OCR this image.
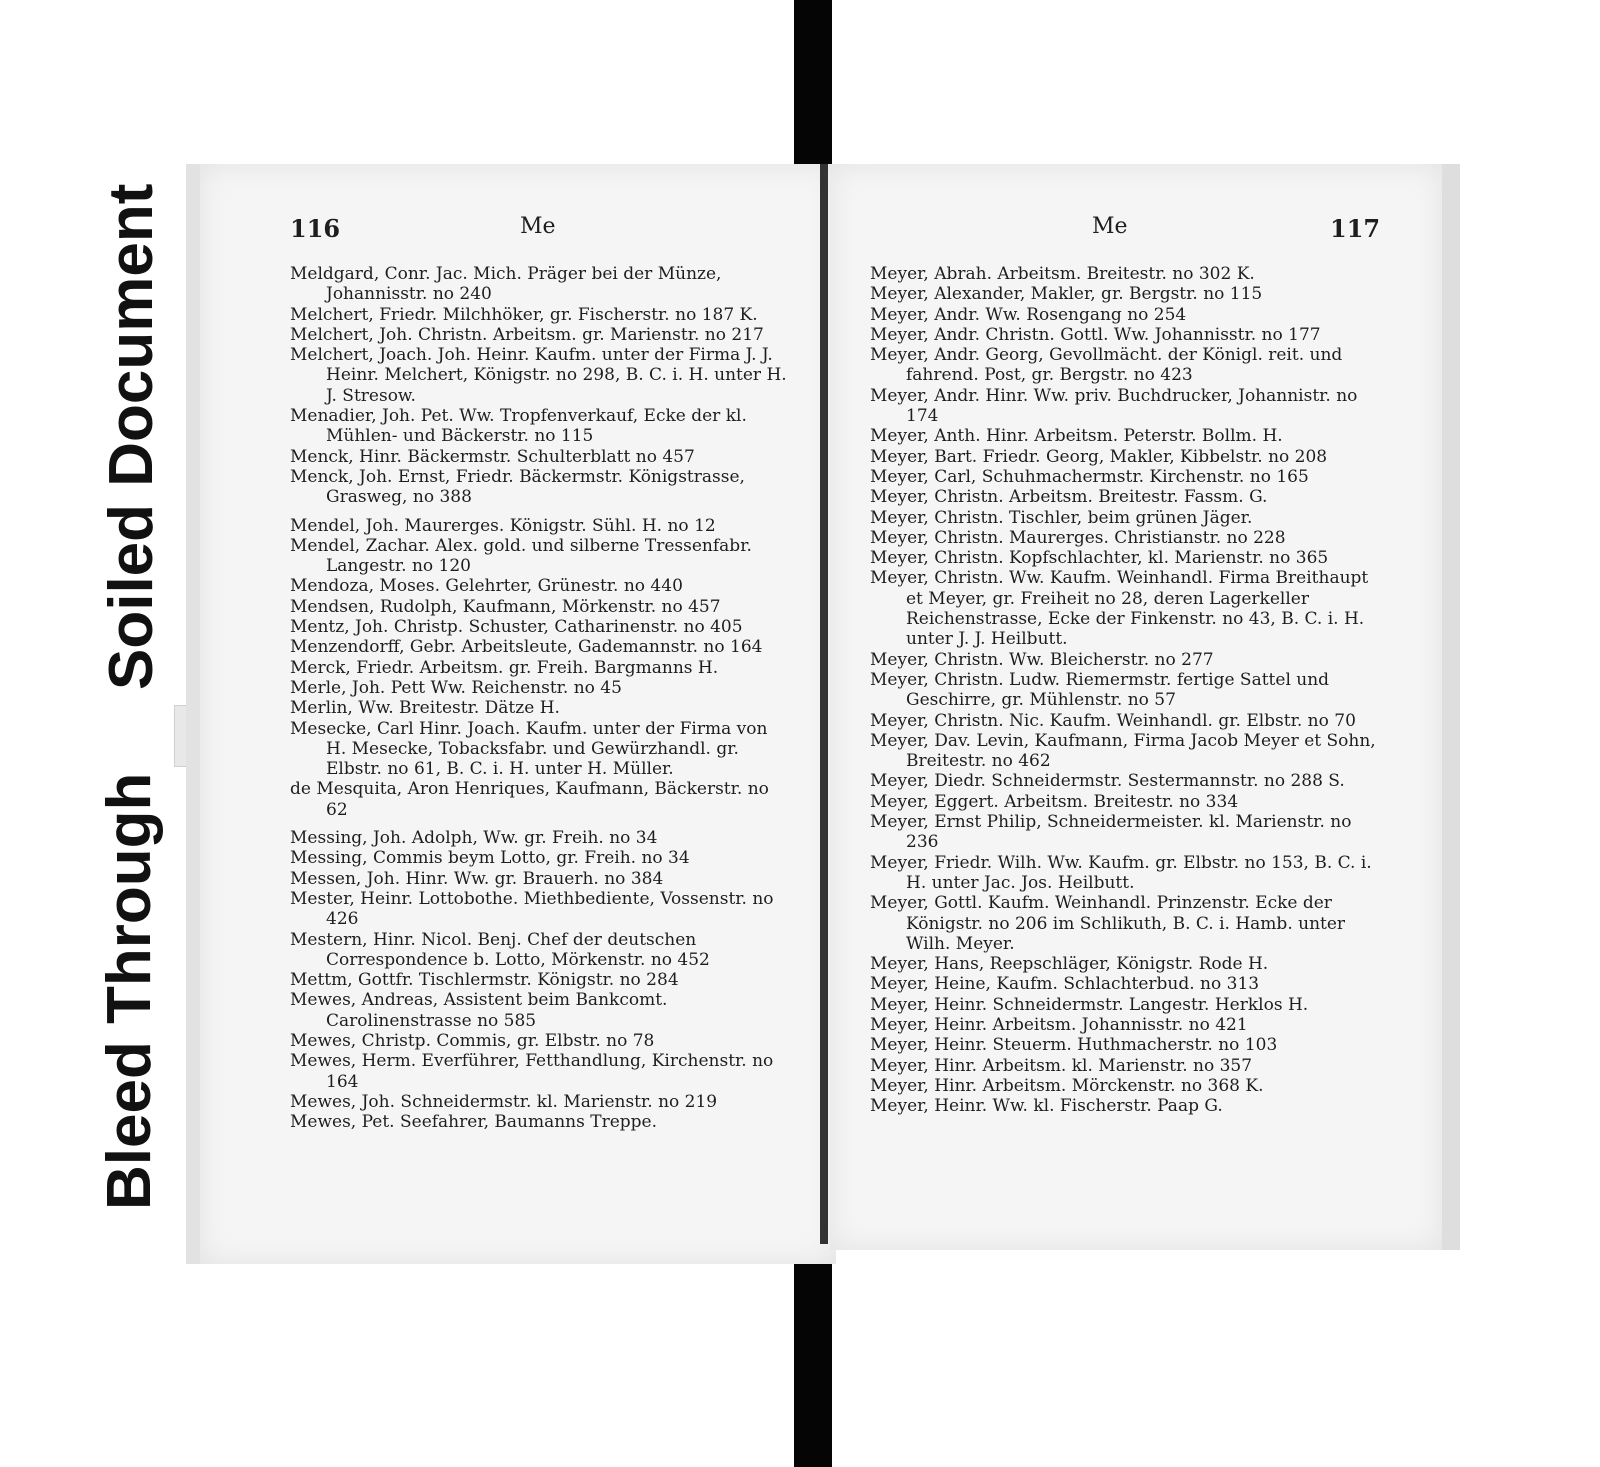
Soiled Document
Bleed Through
116	Me

Meldgard, Conr. Jac. Mich. Präger bei der Münze, Johannisstr. no 240

Melchert, Friedr. Milchhöker, gr. Fischerstr. no 187 K.

Melchert, Joh. Christn. Arbeitsm. gr. Marienstr. no 217

Melchert, Joach. Joh. Heinr. Kaufm. unter der Firma J. J. Heinr. Melchert, Königstr. no 298, B. C. i. H. unter H. J. Stresow.

Menadier, Joh. Pet. Ww. Tropfenverkauf, Ecke der kl. Mühlen- und Bäckerstr. no 115

Menck, Hinr. Bäckermstr. Schulterblatt no 457

Menck, Joh. Ernst, Friedr. Bäckermstr. Königstrasse, Grasweg, no 388

Mendel, Joh. Maurerges. Königstr. Sühl. H. no 12

Mendel, Zachar. Alex. gold. und silberne Tressenfabr. Langestr. no 120

Mendoza, Moses. Gelehrter, Grünestr. no 440

Mendsen, Rudolph, Kaufmann, Mörkenstr. no 457

Mentz, Joh. Christp. Schuster, Catharinenstr. no 405

Menzendorff, Gebr. Arbeitsleute, Gademannstr. no 164

Merck, Friedr. Arbeitsm. gr. Freih. Bargmanns H.

Merle, Joh. Pett Ww. Reichenstr. no 45

Merlin, Ww. Breitestr. Dätze H.

Mesecke, Carl Hinr. Joach. Kaufm. unter der Firma von H. Mesecke, Tobacksfabr. und Gewürzhandl. gr. Elbstr. no 61, B. C. i. H. unter H. Müller.

de Mesquita, Aron Henriques, Kaufmann, Bäckerstr. no 62

Messing, Joh. Adolph, Ww. gr. Freih. no 34

Messing, Commis beym Lotto, gr. Freih. no 34

Messen, Joh. Hinr. Ww. gr. Brauerh. no 384

Mester, Heinr. Lottobothe. Miethbediente, Vossenstr. no 426

Mestern, Hinr. Nicol. Benj. Chef der deutschen Correspondence b. Lotto, Mörkenstr. no 452

Mettm, Gottfr. Tischlermstr. Königstr. no 284

Mewes, Andreas, Assistent beim Bankcomt. Carolinenstrasse no 585

Mewes, Christp. Commis, gr. Elbstr. no 78

Mewes, Herm. Everführer, Fetthandlung, Kirchenstr. no 164

Mewes, Joh. Schneidermstr. kl. Marienstr. no 219

Mewes, Pet. Seefahrer, Baumanns Treppe.

Me	117

Meyer, Abrah. Arbeitsm. Breitestr. no 302 K.

Meyer, Alexander, Makler, gr. Bergstr. no 115

Meyer, Andr. Ww. Rosengang no 254

Meyer, Andr. Christn. Gottl. Ww. Johannisstr. no 177

Meyer, Andr. Georg, Gevollmächt. der Königl. reit. und fahrend. Post, gr. Bergstr. no 423

Meyer, Andr. Hinr. Ww. priv. Buchdrucker, Johannistr. no 174

Meyer, Anth. Hinr. Arbeitsm. Peterstr. Bollm. H.

Meyer, Bart. Friedr. Georg, Makler, Kibbelstr. no 208

Meyer, Carl, Schuhmachermstr. Kirchenstr. no 165

Meyer, Christn. Arbeitsm. Breitestr. Fassm. G.

Meyer, Christn. Tischler, beim grünen Jäger.

Meyer, Christn. Maurerges. Christianstr. no 228

Meyer, Christn. Kopfschlachter, kl. Marienstr. no 365

Meyer, Christn. Ww. Kaufm. Weinhandl. Firma Breithaupt et Meyer, gr. Freiheit no 28, deren Lagerkeller Reichenstrasse, Ecke der Finkenstr. no 43, B. C. i. H. unter J. J. Heilbutt.

Meyer, Christn. Ww. Bleicherstr. no 277

Meyer, Christn. Ludw. Riemermstr. fertige Sattel und Geschirre, gr. Mühlenstr. no 57

Meyer, Christn. Nic. Kaufm. Weinhandl. gr. Elbstr. no 70

Meyer, Dav. Levin, Kaufmann, Firma Jacob Meyer et Sohn, Breitestr. no 462

Meyer, Diedr. Schneidermstr. Sestermannstr. no 288 S.

Meyer, Eggert. Arbeitsm. Breitestr. no 334

Meyer, Ernst Philip, Schneidermeister. kl. Marienstr. no 236

Meyer, Friedr. Wilh. Ww. Kaufm. gr. Elbstr. no 153, B. C. i. H. unter Jac. Jos. Heilbutt.

Meyer, Gottl. Kaufm. Weinhandl. Prinzenstr. Ecke der Königstr. no 206 im Schlikuth, B. C. i. Hamb. unter Wilh. Meyer.

Meyer, Hans, Reepschläger, Königstr. Rode H.

Meyer, Heine, Kaufm. Schlachterbud. no 313

Meyer, Heinr. Schneidermstr. Langestr. Herklos H.

Meyer, Heinr. Arbeitsm. Johannisstr. no 421

Meyer, Heinr. Steuerm. Huthmacherstr. no 103

Meyer, Hinr. Arbeitsm. kl. Marienstr. no 357

Meyer, Hinr. Arbeitsm. Mörckenstr. no 368 K.

Meyer, Heinr. Ww. kl. Fischerstr. Paap G.
